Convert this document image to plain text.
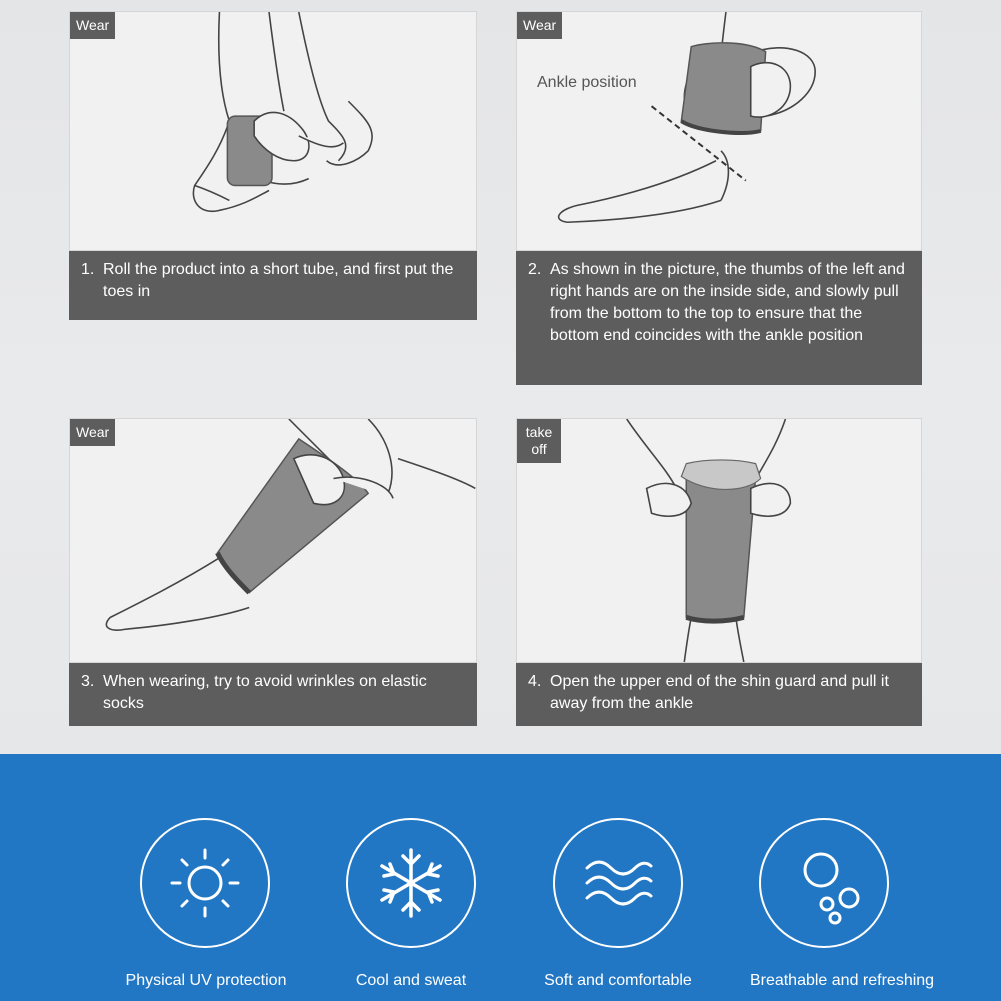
Wear
1. Roll the product into a short tube, and first put the toes in
Wear
Ankle position
2. As shown in the picture, the thumbs of the left and right hands are on the inside side, and slowly pull from the bottom to the top to ensure that the bottom end coincides with the ankle position
Wear
3. When wearing, try to avoid wrinkles on elastic socks
take off
4. Open the upper end of the shin guard and pull it away from the ankle
Physical UV protection	Cool and sweat	Soft and comfortable	Breathable and refreshing
